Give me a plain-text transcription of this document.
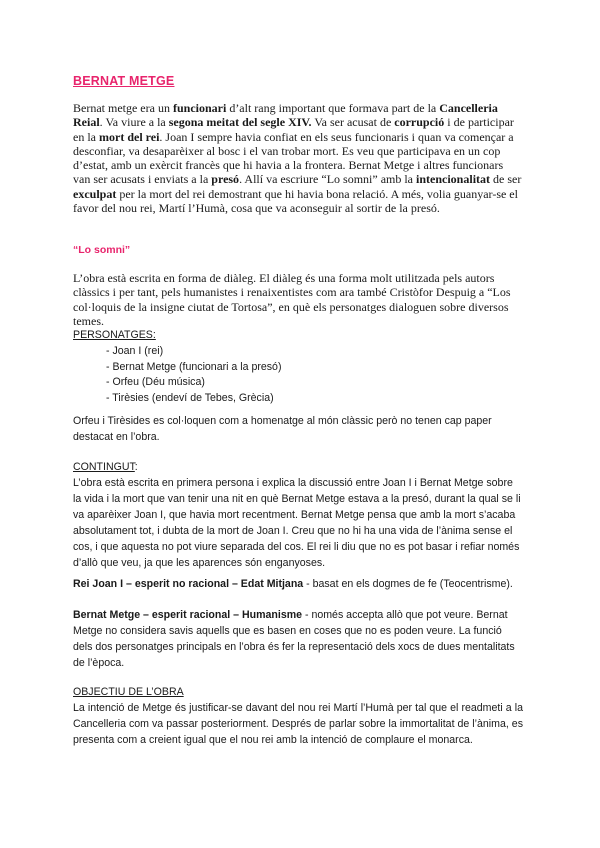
BERNAT METGE

Bernat metge era un funcionari d’alt rang important que formava part de la Cancelleria Reial. Va viure a la segona meitat del segle XIV. Va ser acusat de corrupció i de participar en la mort del rei. Joan I sempre havia confiat en els seus funcionaris i quan va començar a desconfiar, va desaparèixer al bosc i el van trobar mort. Es veu que participava en un cop d’estat, amb un exèrcit francès que hi havia a la frontera. Bernat Metge i altres funcionars van ser acusats i enviats a la presó. Allí va escriure “Lo somni” amb la intencionalitat de ser exculpat per la mort del rei demostrant que hi havia bona relació. A més, volia guanyar-se el favor del nou rei, Martí l’Humà, cosa que va aconseguir al sortir de la presó.

“Lo somni”

L’obra està escrita en forma de diàleg. El diàleg és una forma molt utilitzada pels autors clàssics i per tant, pels humanistes i renaixentistes com ara també Cristòfor Despuig a “Los col·loquis de la insigne ciutat de Tortosa”, en què els personatges dialoguen sobre diversos temes.

PERSONATGES:

- Joan I (rei)
- Bernat Metge (funcionari a la presó)
- Orfeu (Déu música)
- Tirèsies (endeví de Tebes, Grècia)

Orfeu i Tirèsides es col·loquen com a homenatge al món clàssic però no tenen cap paper destacat en l’obra.

CONTINGUT:

L’obra està escrita en primera persona i explica la discussió entre Joan I i Bernat Metge sobre la vida i la mort que van tenir una nit en què Bernat Metge estava a la presó, durant la qual se li va aparèixer Joan I, que havia mort recentment. Bernat Metge pensa que amb la mort s’acaba absolutament tot, i dubta de la mort de Joan I. Creu que no hi ha una vida de l’ànima sense el cos, i que aquesta no pot viure separada del cos. El rei li diu que no es pot basar i refiar només d’allò que veu, ja que les aparences són enganyoses.

Rei Joan I – esperit no racional – Edat Mitjana - basat en els dogmes de fe (Teocentrisme).

Bernat Metge – esperit racional – Humanisme - només accepta allò que pot veure. Bernat Metge no considera savis aquells que es basen en coses que no es poden veure. La funció dels dos personatges principals en l’obra és fer la representació dels xocs de dues mentalitats de l’època.

OBJECTIU DE L’OBRA

La intenció de Metge és justificar-se davant del nou rei Martí l’Humà per tal que el readmeti a la Cancelleria com va passar posteriorment. Després de parlar sobre la immortalitat de l’ànima, es presenta com a creient igual que el nou rei amb la intenció de complaure el monarca.
